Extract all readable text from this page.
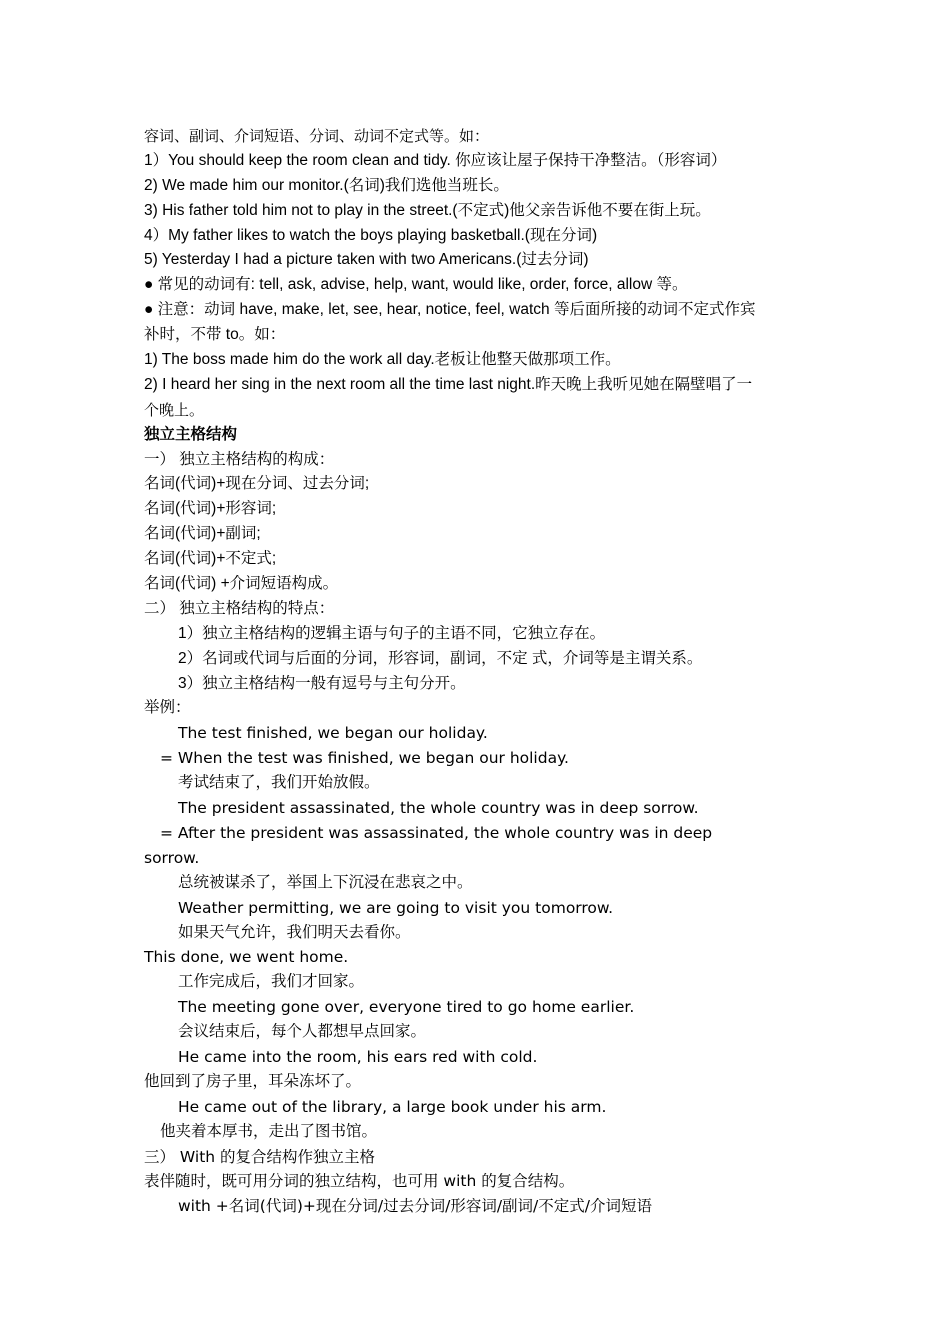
容词、副词、介词短语、分词、动词不定式等。如：
1）You should keep the room clean and tidy. 你应该让屋子保持干净整洁。（形容词）
2) We made him our monitor.(名词)我们选他当班长。
3) His father told him not to play in the street.(不定式)他父亲告诉他不要在街上玩。
4）My father likes to watch the boys playing basketball.(现在分词)
5) Yesterday I had a picture taken with two Americans.(过去分词)
● 常见的动词有: tell, ask, advise, help, want, would like, order, force, allow 等。
● 注意：动词 have, make, let, see, hear, notice, feel, watch 等后面所接的动词不定式作宾
补时，不带 to。如：
1) The boss made him do the work all day.老板让他整天做那项工作。
2) I heard her sing in the next room all the time last night.昨天晚上我听见她在隔壁唱了一
个晚上。
独立主格结构
一） 独立主格结构的构成：
名词(代词)+现在分词、过去分词;
名词(代词)+形容词;
名词(代词)+副词;
名词(代词)+不定式;
名词(代词) +介词短语构成。
二） 独立主格结构的特点：
1）独立主格结构的逻辑主语与句子的主语不同，它独立存在。
2）名词或代词与后面的分词，形容词，副词，不定 式，介词等是主谓关系。
3）独立主格结构一般有逗号与主句分开。
举例：
The test finished, we began our holiday.
= When the test was finished, we began our holiday.
考试结束了，我们开始放假。
The president assassinated, the whole country was in deep sorrow.
= After the president was assassinated, the whole country was in deep
sorrow.
总统被谋杀了，举国上下沉浸在悲哀之中。
Weather permitting, we are going to visit you tomorrow.
如果天气允许，我们明天去看你。
This done, we went home.
工作完成后，我们才回家。
The meeting gone over, everyone tired to go home earlier.
会议结束后，每个人都想早点回家。
He came into the room, his ears red with cold.
他回到了房子里，耳朵冻坏了。
He came out of the library, a large book under his arm.
他夹着本厚书，走出了图书馆。
三） With 的复合结构作独立主格
表伴随时，既可用分词的独立结构，也可用 with 的复合结构。
with +名词(代词)+现在分词/过去分词/形容词/副词/不定式/介词短语
